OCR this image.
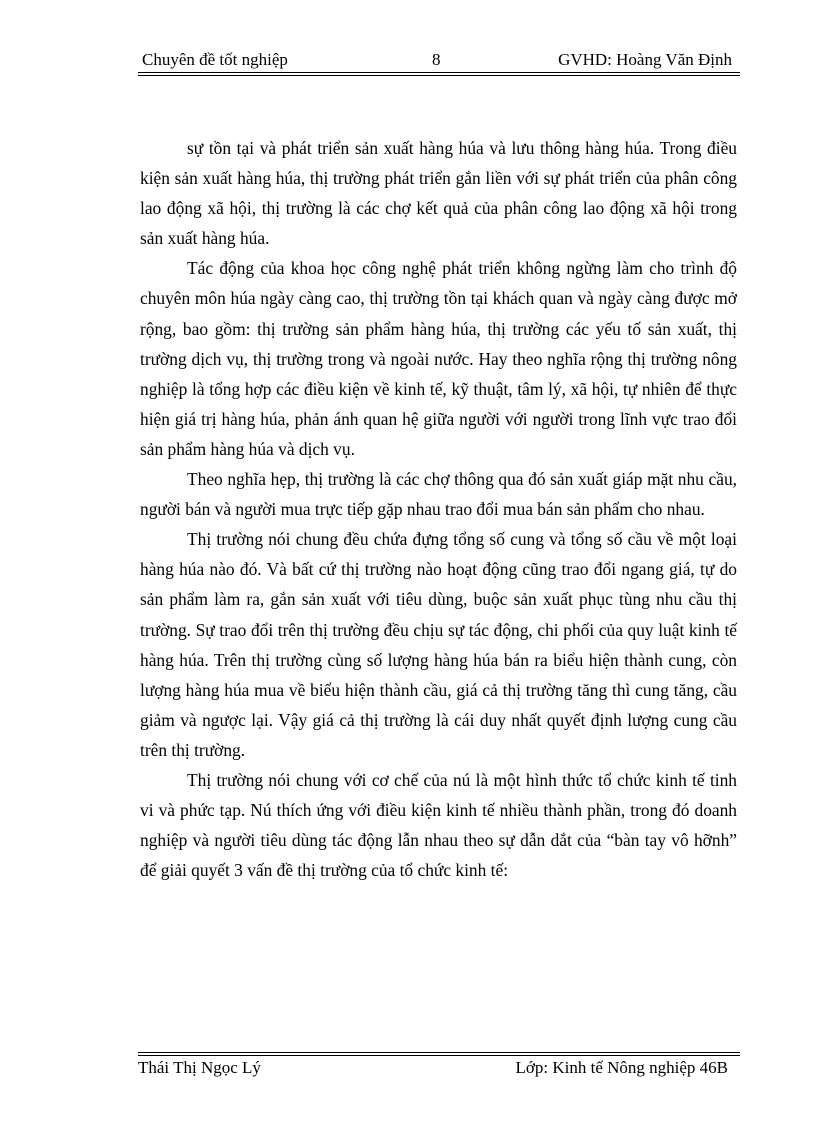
Chuyên đề tốt nghiệp	8	GVHD: Hoàng Văn Định

sự tồn tại và phát triển sản xuất hàng húa và lưu thông hàng húa. Trong điều kiện sản xuất hàng húa, thị trường phát triển gắn liền với sự phát triển của phân công lao động xã hội, thị trường là các chợ kết quả của phân công lao động xã hội trong sản xuất hàng húa.

Tác động của khoa học công nghệ phát triển không ngừng làm cho trình độ chuyên môn húa ngày càng cao, thị trường tồn tại khách quan và ngày càng được mở rộng, bao gồm: thị trường sản phẩm hàng húa, thị trường các yếu tố sản xuất, thị trường dịch vụ, thị trường trong và ngoài nước. Hay theo nghĩa rộng thị trường nông nghiệp là tổng hợp các điều kiện về kinh tế, kỹ thuật, tâm lý, xã hội, tự nhiên để thực hiện giá trị hàng húa, phản ánh quan hệ giữa người với người trong lĩnh vực trao đổi sản phẩm hàng húa và dịch vụ.

Theo nghĩa hẹp, thị trường là các chợ thông qua đó sản xuất giáp mặt nhu cầu, người bán và người mua trực tiếp gặp nhau trao đổi mua bán sản phẩm cho nhau.

Thị trường nói chung đều chứa đựng tổng số cung và tổng số cầu về một loại hàng húa nào đó. Và bất cứ thị trường nào hoạt động cũng trao đổi ngang giá, tự do sản phẩm làm ra, gắn sản xuất với tiêu dùng, buộc sản xuất phục tùng nhu cầu thị trường. Sự trao đổi trên thị trường đều chịu sự tác động, chi phối của quy luật kinh tế hàng húa. Trên thị trường cùng số lượng hàng húa bán ra biểu hiện thành cung, còn lượng hàng húa mua về biểu hiện thành cầu, giá cả thị trường tăng thì cung tăng, cầu giảm và ngược lại. Vậy giá cả thị trường là cái duy nhất quyết định lượng cung cầu trên thị trường.

Thị trường nói chung với cơ chế của nú là một hình thức tổ chức kinh tế tinh vi và phức tạp. Nú thích ứng với điều kiện kinh tế nhiều thành phần, trong đó doanh nghiệp và người tiêu dùng tác động lẫn nhau theo sự dẫn dắt của “bàn tay vô hỡnh” để giải quyết 3 vấn đề thị trường của tổ chức kinh tế:

Thái Thị Ngọc Lý	Lớp: Kinh tế Nông nghiệp 46B
